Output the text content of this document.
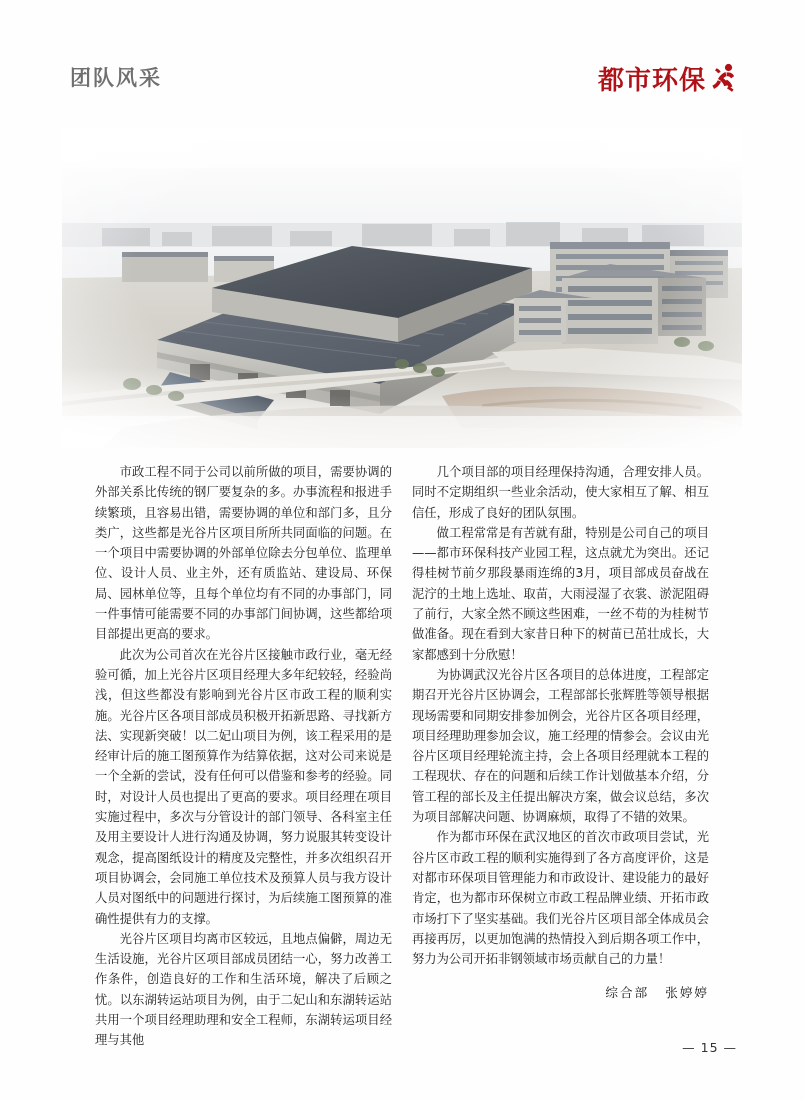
团队风采	都市环保

市政工程不同于公司以前所做的项目，需要协调的外部关系比传统的钢厂要复杂的多。办事流程和报进手续繁琐，且容易出错，需要协调的单位和部门多，且分类广，这些都是光谷片区项目所所共同面临的问题。在一个项目中需要协调的外部单位除去分包单位、监理单位、设计人员、业主外，还有质监站、建设局、环保局、园林单位等，且每个单位均有不同的办事部门，同一件事情可能需要不同的办事部门间协调，这些都给项目部提出更高的要求。

此次为公司首次在光谷片区接触市政行业，毫无经验可循，加上光谷片区项目经理大多年纪较轻，经验尚浅，但这些都没有影响到光谷片区市政工程的顺利实施。光谷片区各项目部成员积极开拓新思路、寻找新方法、实现新突破！以二妃山项目为例，该工程采用的是经审计后的施工图预算作为结算依据，这对公司来说是一个全新的尝试，没有任何可以借鉴和参考的经验。同时，对设计人员也提出了更高的要求。项目经理在项目实施过程中，多次与分管设计的部门领导、各科室主任及用主要设计人进行沟通及协调，努力说服其转变设计观念，提高图纸设计的精度及完整性，并多次组织召开项目协调会，会同施工单位技术及预算人员与我方设计人员对图纸中的问题进行探讨，为后续施工图预算的准确性提供有力的支撑。

光谷片区项目均离市区较远，且地点偏僻，周边无生活设施，光谷片区项目部成员团结一心，努力改善工作条件，创造良好的工作和生活环境，解决了后顾之忧。以东湖转运站项目为例，由于二妃山和东湖转运站共用一个项目经理助理和安全工程师，东湖转运项目经理与其他

几个项目部的项目经理保持沟通，合理安排人员。同时不定期组织一些业余活动，使大家相互了解、相互信任，形成了良好的团队氛围。

做工程常常是有苦就有甜，特别是公司自己的项目——都市环保科技产业园工程，这点就尤为突出。还记得桂树节前夕那段暴雨连绵的3月，项目部成员奋战在泥泞的土地上选址、取苗，大雨浸湿了衣裳、淤泥阻碍了前行，大家全然不顾这些困难，一丝不苟的为桂树节做准备。现在看到大家昔日种下的树苗已茁壮成长，大家都感到十分欣慰！

为协调武汉光谷片区各项目的总体进度，工程部定期召开光谷片区协调会，工程部部长张辉胜等领导根据现场需要和同期安排参加例会，光谷片区各项目经理，项目经理助理参加会议，施工经理的情参会。会议由光谷片区项目经理轮流主持，会上各项目经理就本工程的工程现状、存在的问题和后续工作计划做基本介绍，分管工程的部长及主任提出解决方案，做会议总结，多次为项目部解决问题、协调麻烦，取得了不错的效果。

作为都市环保在武汉地区的首次市政项目尝试，光谷片区市政工程的顺利实施得到了各方高度评价，这是对都市环保项目管理能力和市政设计、建设能力的最好肯定，也为都市环保树立市政工程品牌业绩、开拓市政市场打下了坚实基础。我们光谷片区项目部全体成员会再接再厉，以更加饱满的热情投入到后期各项工作中，努力为公司开拓非钢领域市场贡献自己的力量！

综合部 张婷婷
— 15 —
